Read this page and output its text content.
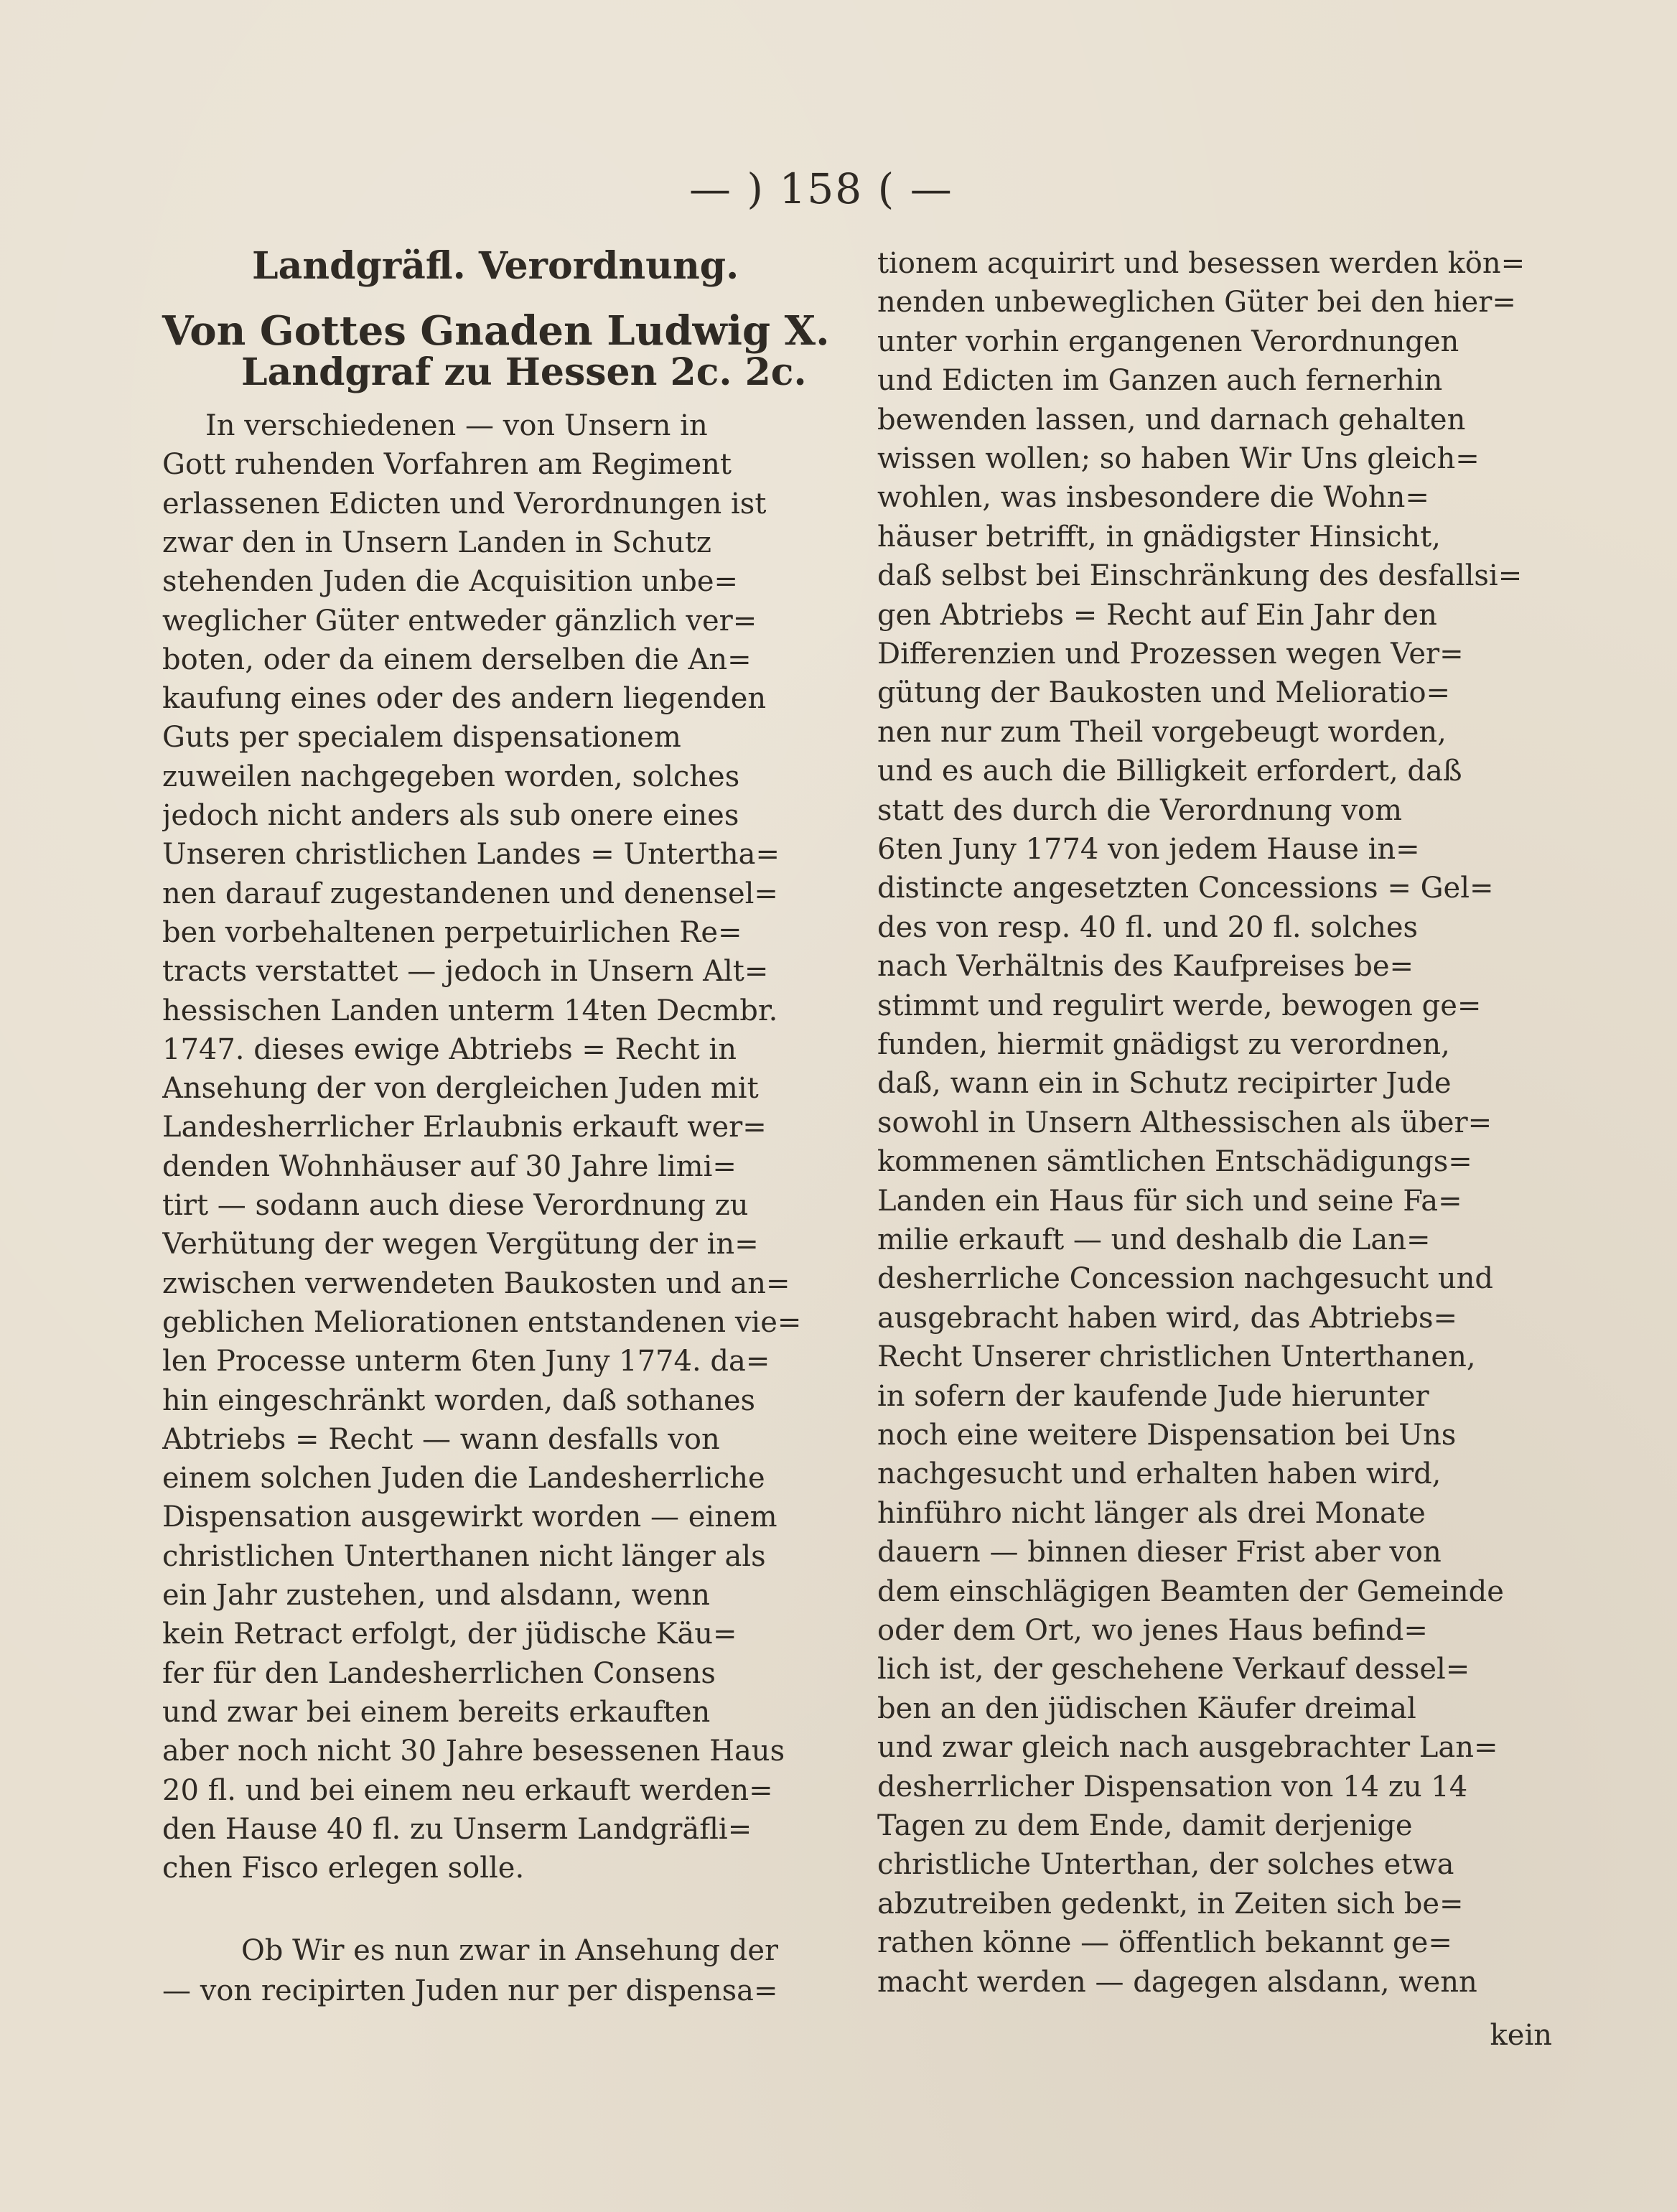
— ) 158 ( —
Landgräfl. Verordnung.
Von Gottes Gnaden Ludwig X.
Landgraf zu Hessen 2c. 2c.
In verschiedenen — von Unsern in
Gott ruhenden Vorfahren am Regiment
erlassenen Edicten und Verordnungen ist
zwar den in Unsern Landen in Schutz
stehenden Juden die Acquisition unbe=
weglicher Güter entweder gänzlich ver=
boten, oder da einem derselben die An=
kaufung eines oder des andern liegenden
Guts per specialem dispensationem
zuweilen nachgegeben worden, solches
jedoch nicht anders als sub onere eines
Unseren christlichen Landes = Untertha=
nen darauf zugestandenen und denensel=
ben vorbehaltenen perpetuirlichen Re=
tracts verstattet — jedoch in Unsern Alt=
hessischen Landen unterm 14ten Decmbr.
1747. dieses ewige Abtriebs = Recht in
Ansehung der von dergleichen Juden mit
Landesherrlicher Erlaubnis erkauft wer=
denden Wohnhäuser auf 30 Jahre limi=
tirt — sodann auch diese Verordnung zu
Verhütung der wegen Vergütung der in=
zwischen verwendeten Baukosten und an=
geblichen Meliorationen entstandenen vie=
len Processe unterm 6ten Juny 1774. da=
hin eingeschränkt worden, daß sothanes
Abtriebs = Recht — wann desfalls von
einem solchen Juden die Landesherrliche
Dispensation ausgewirkt worden — einem
christlichen Unterthanen nicht länger als
ein Jahr zustehen, und alsdann, wenn
kein Retract erfolgt, der jüdische Käu=
fer für den Landesherrlichen Consens
und zwar bei einem bereits erkauften
aber noch nicht 30 Jahre besessenen Haus
20 fl. und bei einem neu erkauft werden=
den Hause 40 fl. zu Unserm Landgräfli=
chen Fisco erlegen solle.
Ob Wir es nun zwar in Ansehung der
— von recipirten Juden nur per dispensa=
tionem acquirirt und besessen werden kön=
nenden unbeweglichen Güter bei den hier=
unter vorhin ergangenen Verordnungen
und Edicten im Ganzen auch fernerhin
bewenden lassen, und darnach gehalten
wissen wollen; so haben Wir Uns gleich=
wohlen, was insbesondere die Wohn=
häuser betrifft, in gnädigster Hinsicht,
daß selbst bei Einschränkung des desfallsi=
gen Abtriebs = Recht auf Ein Jahr den
Differenzien und Prozessen wegen Ver=
gütung der Baukosten und Melioratio=
nen nur zum Theil vorgebeugt worden,
und es auch die Billigkeit erfordert, daß
statt des durch die Verordnung vom
6ten Juny 1774 von jedem Hause in=
distincte angesetzten Concessions = Gel=
des von resp. 40 fl. und 20 fl. solches
nach Verhältnis des Kaufpreises be=
stimmt und regulirt werde, bewogen ge=
funden, hiermit gnädigst zu verordnen,
daß, wann ein in Schutz recipirter Jude
sowohl in Unsern Althessischen als über=
kommenen sämtlichen Entschädigungs=
Landen ein Haus für sich und seine Fa=
milie erkauft — und deshalb die Lan=
desherrliche Concession nachgesucht und
ausgebracht haben wird, das Abtriebs=
Recht Unserer christlichen Unterthanen,
in sofern der kaufende Jude hierunter
noch eine weitere Dispensation bei Uns
nachgesucht und erhalten haben wird,
hinführo nicht länger als drei Monate
dauern — binnen dieser Frist aber von
dem einschlägigen Beamten der Gemeinde
oder dem Ort, wo jenes Haus befind=
lich ist, der geschehene Verkauf dessel=
ben an den jüdischen Käufer dreimal
und zwar gleich nach ausgebrachter Lan=
desherrlicher Dispensation von 14 zu 14
Tagen zu dem Ende, damit derjenige
christliche Unterthan, der solches etwa
abzutreiben gedenkt, in Zeiten sich be=
rathen könne — öffentlich bekannt ge=
macht werden — dagegen alsdann, wenn
kein
